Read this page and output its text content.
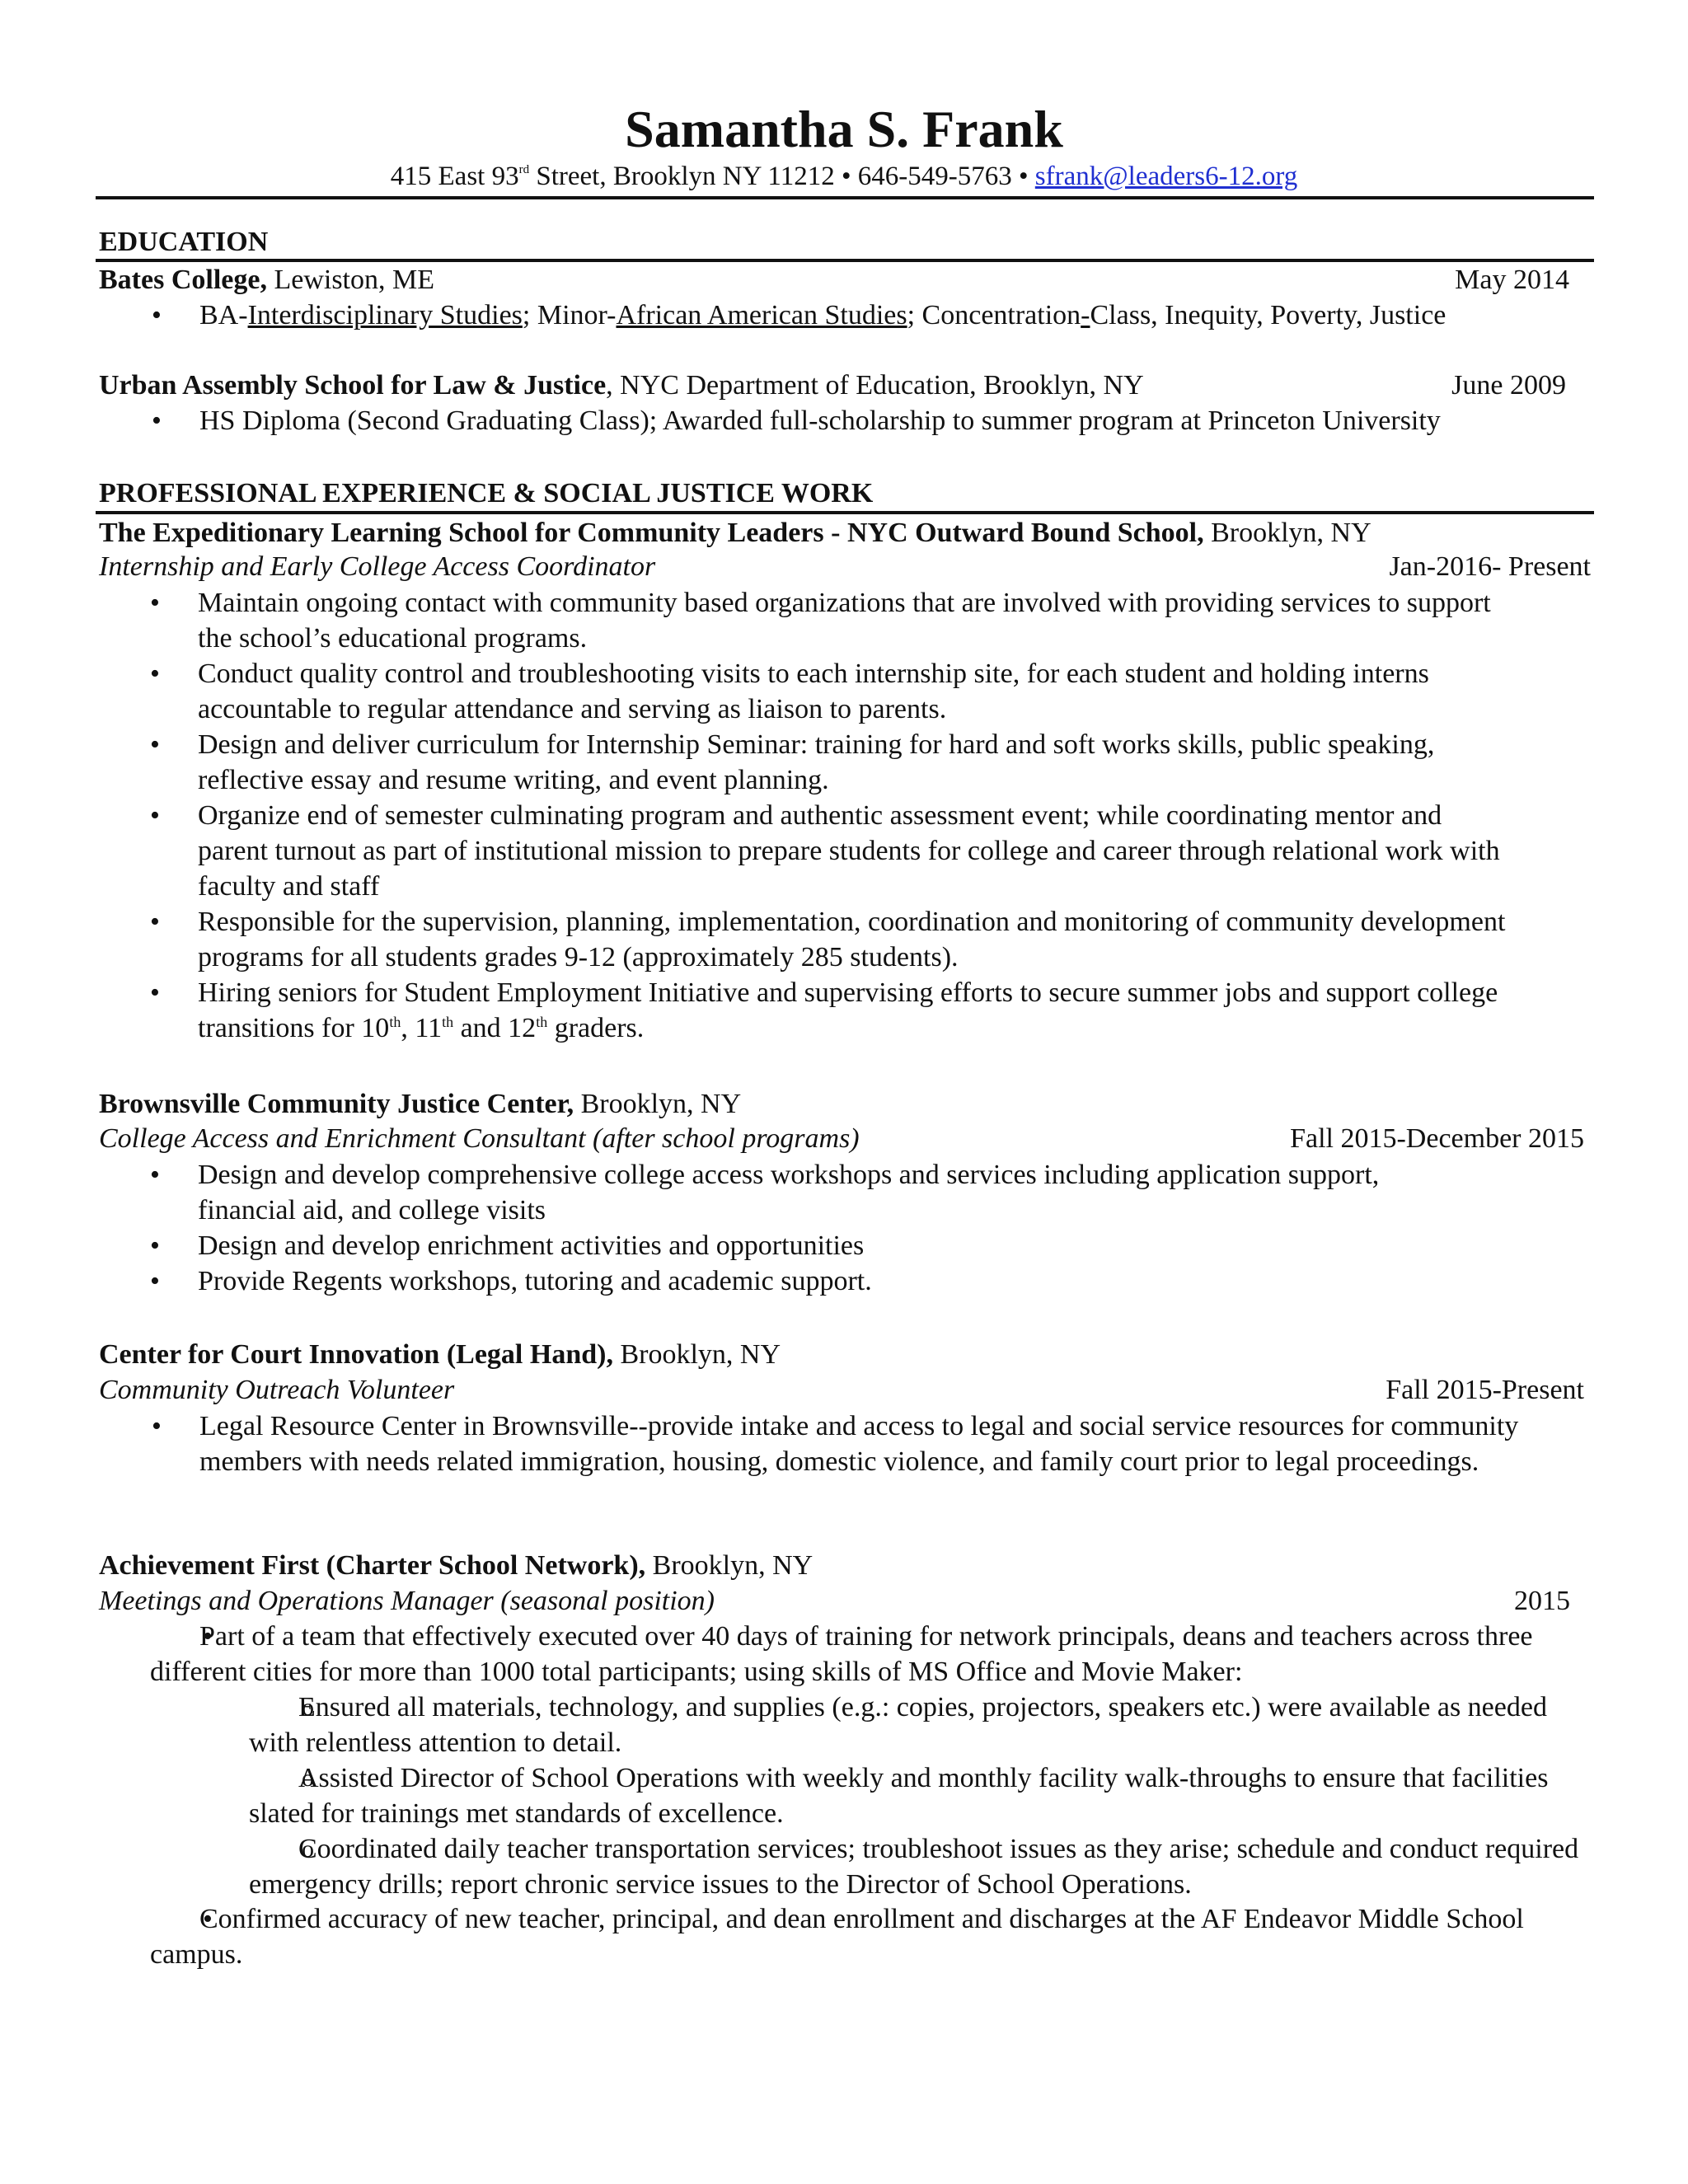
Samantha S. Frank
415 East 93rd Street, Brooklyn NY 11212 • 646-549-5763 • sfrank@leaders6-12.org
EDUCATION
Bates College, Lewiston, ME	May 2014
• BA-Interdisciplinary Studies; Minor-African American Studies; Concentration-Class, Inequity, Poverty, Justice
Urban Assembly School for Law & Justice, NYC Department of Education, Brooklyn, NY	June 2009
• HS Diploma (Second Graduating Class); Awarded full-scholarship to summer program at Princeton University
PROFESSIONAL EXPERIENCE & SOCIAL JUSTICE WORK
The Expeditionary Learning School for Community Leaders - NYC Outward Bound School, Brooklyn, NY
Internship and Early College Access Coordinator	Jan-2016- Present
• Maintain ongoing contact with community based organizations that are involved with providing services to support the school’s educational programs.
• Conduct quality control and troubleshooting visits to each internship site, for each student and holding interns accountable to regular attendance and serving as liaison to parents.
• Design and deliver curriculum for Internship Seminar: training for hard and soft works skills, public speaking, reflective essay and resume writing, and event planning.
• Organize end of semester culminating program and authentic assessment event; while coordinating mentor and parent turnout as part of institutional mission to prepare students for college and career through relational work with faculty and staff
• Responsible for the supervision, planning, implementation, coordination and monitoring of community development programs for all students grades 9-12 (approximately 285 students).
• Hiring seniors for Student Employment Initiative and supervising efforts to secure summer jobs and support college transitions for 10th, 11th and 12th graders.
Brownsville Community Justice Center, Brooklyn, NY
College Access and Enrichment Consultant (after school programs)	Fall 2015-December 2015
• Design and develop comprehensive college access workshops and services including application support, financial aid, and college visits
• Design and develop enrichment activities and opportunities
• Provide Regents workshops, tutoring and academic support.
Center for Court Innovation (Legal Hand), Brooklyn, NY
Community Outreach Volunteer	Fall 2015-Present
• Legal Resource Center in Brownsville--provide intake and access to legal and social service resources for community members with needs related immigration, housing, domestic violence, and family court prior to legal proceedings.
Achievement First (Charter School Network), Brooklyn, NY
Meetings and Operations Manager (seasonal position)	2015
• Part of a team that effectively executed over 40 days of training for network principals, deans and teachers across three different cities for more than 1000 total participants; using skills of MS Office and Movie Maker:
o Ensured all materials, technology, and supplies (e.g.: copies, projectors, speakers etc.) were available as needed with relentless attention to detail.
o Assisted Director of School Operations with weekly and monthly facility walk-throughs to ensure that facilities slated for trainings met standards of excellence.
o Coordinated daily teacher transportation services; troubleshoot issues as they arise; schedule and conduct required emergency drills; report chronic service issues to the Director of School Operations.
• Confirmed accuracy of new teacher, principal, and dean enrollment and discharges at the AF Endeavor Middle School campus.
